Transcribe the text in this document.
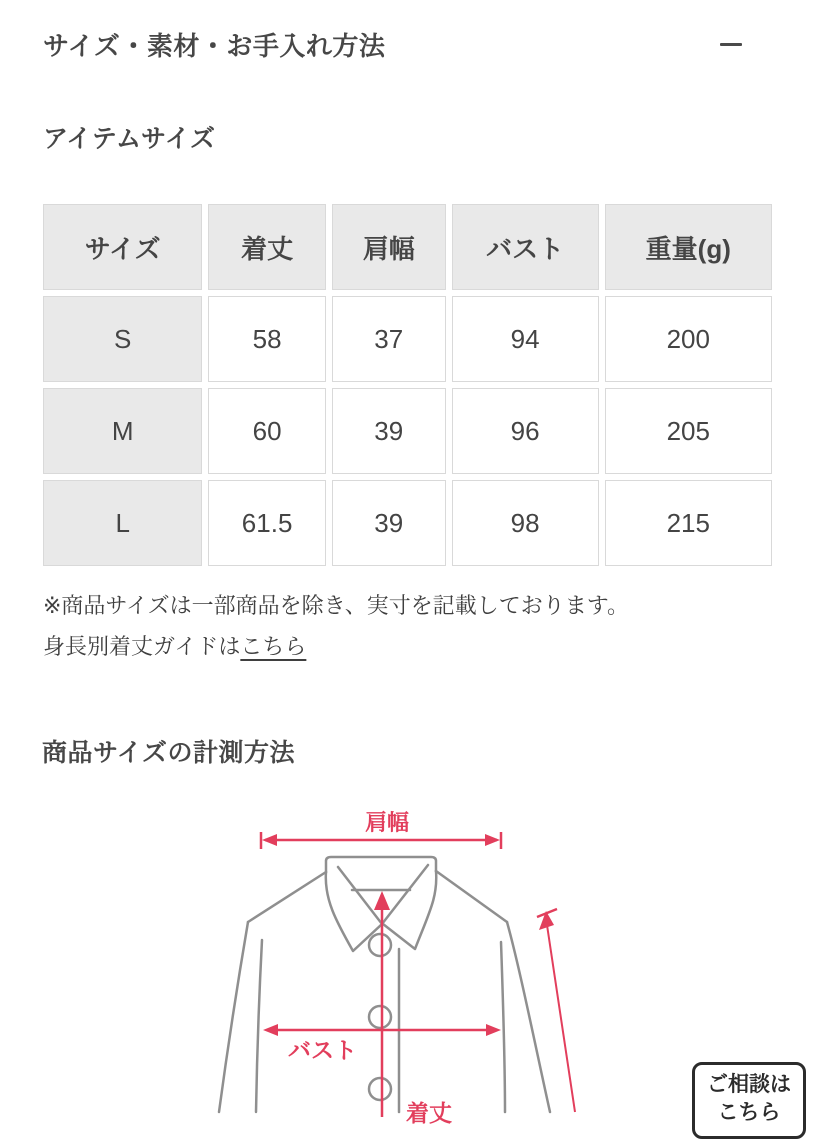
サイズ・素材・お手入れ方法
アイテムサイズ
サイズ	着丈	肩幅	バスト	重量(g)
S	58	37	94	200
M	60	39	96	205
L	61.5	39	98	215
※商品サイズは一部商品を除き、実寸を記載しております。
身長別着丈ガイドはこちら
商品サイズの計測方法
肩幅
バスト
着丈
ご相談は
こちら
